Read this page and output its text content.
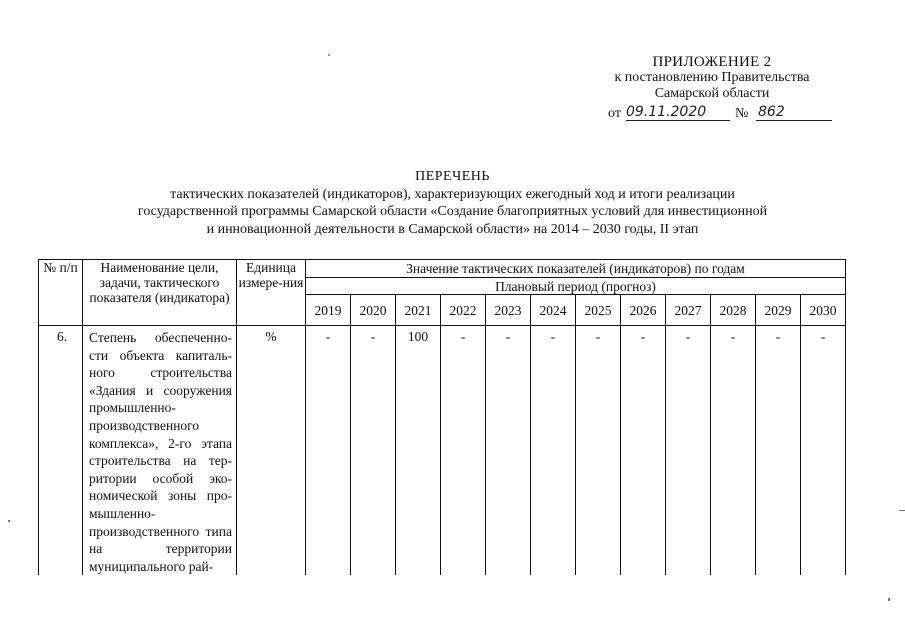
ПРИЛОЖЕНИЕ 2
к постановлению Правительства
Самарской области
от 09.11.2020	№ 862
ПЕРЕЧЕНЬ
тактических показателей (индикаторов), характеризующих ежегодный ход и итоги реализации
государственной программы Самарской области «Создание благоприятных условий для инвестиционной
и инновационной деятельности в Самарской области» на 2014 – 2030 годы, II этап
№ п/п	Наименование цели, задачи, тактического показателя (индикатора)	Единица измере-ния	Значение тактических показателей (индикаторов) по годам											
			Плановый период (прогноз)											
			2019	2020	2021	2022	2023	2024	2025	2026	2027	2028	2029	2030
6.	Степень обеспеченно-сти объекта капиталь-ного строительства «Здания и сооружения промышленно-производственного комплекса», 2-го этапа строительства на тер-ритории особой эко-номической зоны про-мышленно-производственного типа на территории муниципального рай-	%	-	-	100	-	-	-	-	-	-	-	-	-
